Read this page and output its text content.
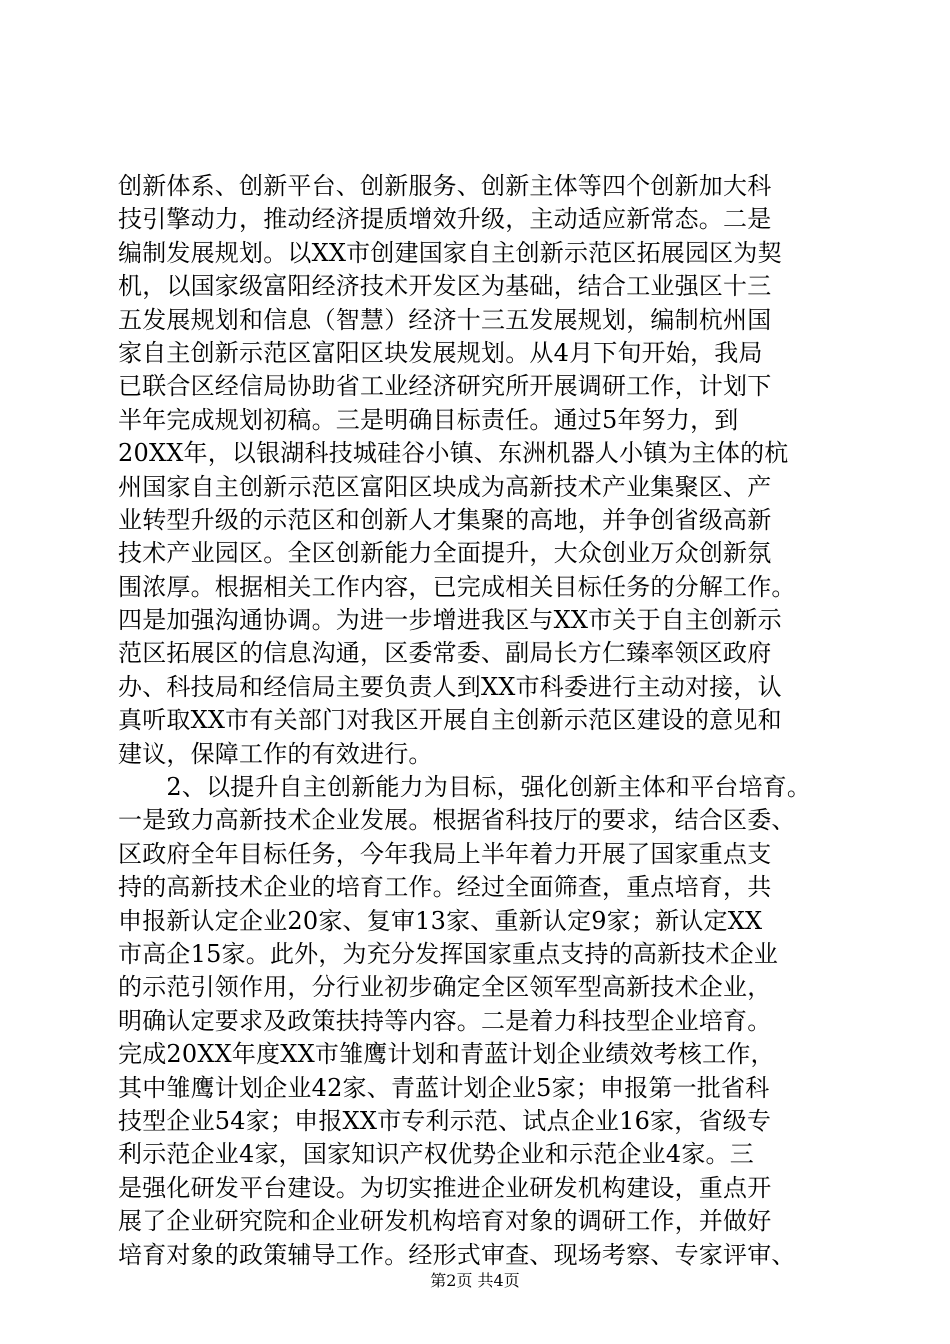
创新体系、创新平台、创新服务、创新主体等四个创新加大科
技引擎动力，推动经济提质增效升级，主动适应新常态。二是
编制发展规划。以XX市创建国家自主创新示范区拓展园区为契
机，以国家级富阳经济技术开发区为基础，结合工业强区十三
五发展规划和信息（智慧）经济十三五发展规划，编制杭州国
家自主创新示范区富阳区块发展规划。从4月下旬开始，我局
已联合区经信局协助省工业经济研究所开展调研工作，计划下
半年完成规划初稿。三是明确目标责任。通过5年努力，到
20XX年，以银湖科技城硅谷小镇、东洲机器人小镇为主体的杭
州国家自主创新示范区富阳区块成为高新技术产业集聚区、产
业转型升级的示范区和创新人才集聚的高地，并争创省级高新
技术产业园区。全区创新能力全面提升，大众创业万众创新氛
围浓厚。根据相关工作内容，已完成相关目标任务的分解工作。
四是加强沟通协调。为进一步增进我区与XX市关于自主创新示
范区拓展区的信息沟通，区委常委、副局长方仁臻率领区政府
办、科技局和经信局主要负责人到XX市科委进行主动对接，认
真听取XX市有关部门对我区开展自主创新示范区建设的意见和
建议，保障工作的有效进行。
　　2、以提升自主创新能力为目标，强化创新主体和平台培育。
一是致力高新技术企业发展。根据省科技厅的要求，结合区委、
区政府全年目标任务，今年我局上半年着力开展了国家重点支
持的高新技术企业的培育工作。经过全面筛查，重点培育，共
申报新认定企业20家、复审13家、重新认定9家；新认定XX
市高企15家。此外，为充分发挥国家重点支持的高新技术企业
的示范引领作用，分行业初步确定全区领军型高新技术企业，
明确认定要求及政策扶持等内容。二是着力科技型企业培育。
完成20XX年度XX市雏鹰计划和青蓝计划企业绩效考核工作，
其中雏鹰计划企业42家、青蓝计划企业5家；申报第一批省科
技型企业54家；申报XX市专利示范、试点企业16家，省级专
利示范企业4家，国家知识产权优势企业和示范企业4家。三
是强化研发平台建设。为切实推进企业研发机构建设，重点开
展了企业研究院和企业研发机构培育对象的调研工作，并做好
培育对象的政策辅导工作。经形式审查、现场考察、专家评审、
第2页 共4页
